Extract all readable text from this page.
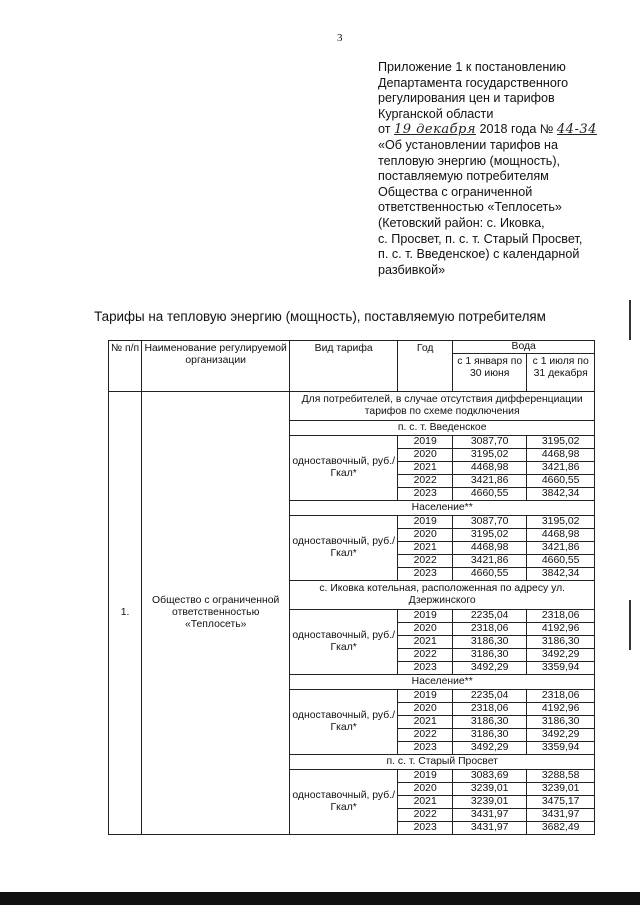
3
Приложение 1 к постановлению
Департамента государственного
регулирования цен и тарифов
Курганской области
от 19 декабря 2018 года № 44-34
«Об установлении тарифов на
тепловую энергию (мощность),
поставляемую потребителям
Общества с ограниченной
ответственностью «Теплосеть»
(Кетовский район: с. Иковка,
с. Просвет, п. с. т. Старый Просвет,
п. с. т. Введенское) с календарной
разбивкой»
Тарифы на тепловую энергию (мощность), поставляемую потребителям
№ п/п	Наименование регулируемой организации	Вид тарифа	Год	Вода	
				с 1 января по 30 июня	с 1 июля по 31 декабря
1.	Общество с ограниченной ответственностью «Теплосеть»	Для потребителей, в случае отсутствия дифференциации тарифов по схеме подключения			
		п. с. т. Введенское			
		одноставочный, руб./Гкал*	2019	3087,70	3195,02
			2020	3195,02	4468,98
			2021	4468,98	3421,86
			2022	3421,86	4660,55
			2023	4660,55	3842,34
		Население**			
		одноставочный, руб./Гкал*	2019	3087,70	3195,02
			2020	3195,02	4468,98
			2021	4468,98	3421,86
			2022	3421,86	4660,55
			2023	4660,55	3842,34
		с. Иковка котельная, расположенная по адресу ул. Дзержинского			
		одноставочный, руб./Гкал*	2019	2235,04	2318,06
			2020	2318,06	4192,96
			2021	3186,30	3186,30
			2022	3186,30	3492,29
			2023	3492,29	3359,94
		Население**			
		одноставочный, руб./Гкал*	2019	2235,04	2318,06
			2020	2318,06	4192,96
			2021	3186,30	3186,30
			2022	3186,30	3492,29
			2023	3492,29	3359,94
		п. с. т. Старый Просвет			
		одноставочный, руб./Гкал*	2019	3083,69	3288,58
			2020	3239,01	3239,01
			2021	3239,01	3475,17
			2022	3431,97	3431,97
			2023	3431,97	3682,49
